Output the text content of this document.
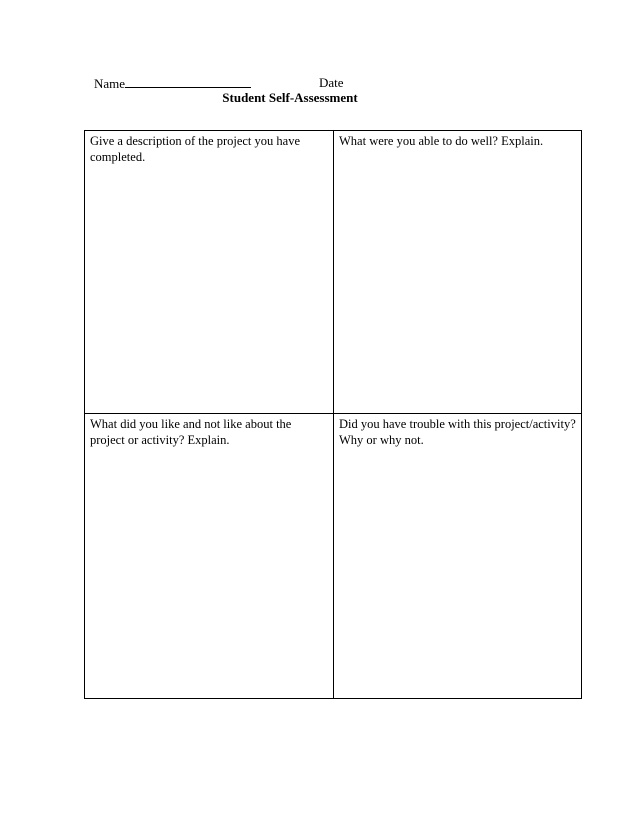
Name	Date
Student Self-Assessment
Give a description of the project you have
completed.
What were you able to do well? Explain.
What did you like and not like about the
project or activity? Explain.
Did you have trouble with this project/activity?
Why or why not.
